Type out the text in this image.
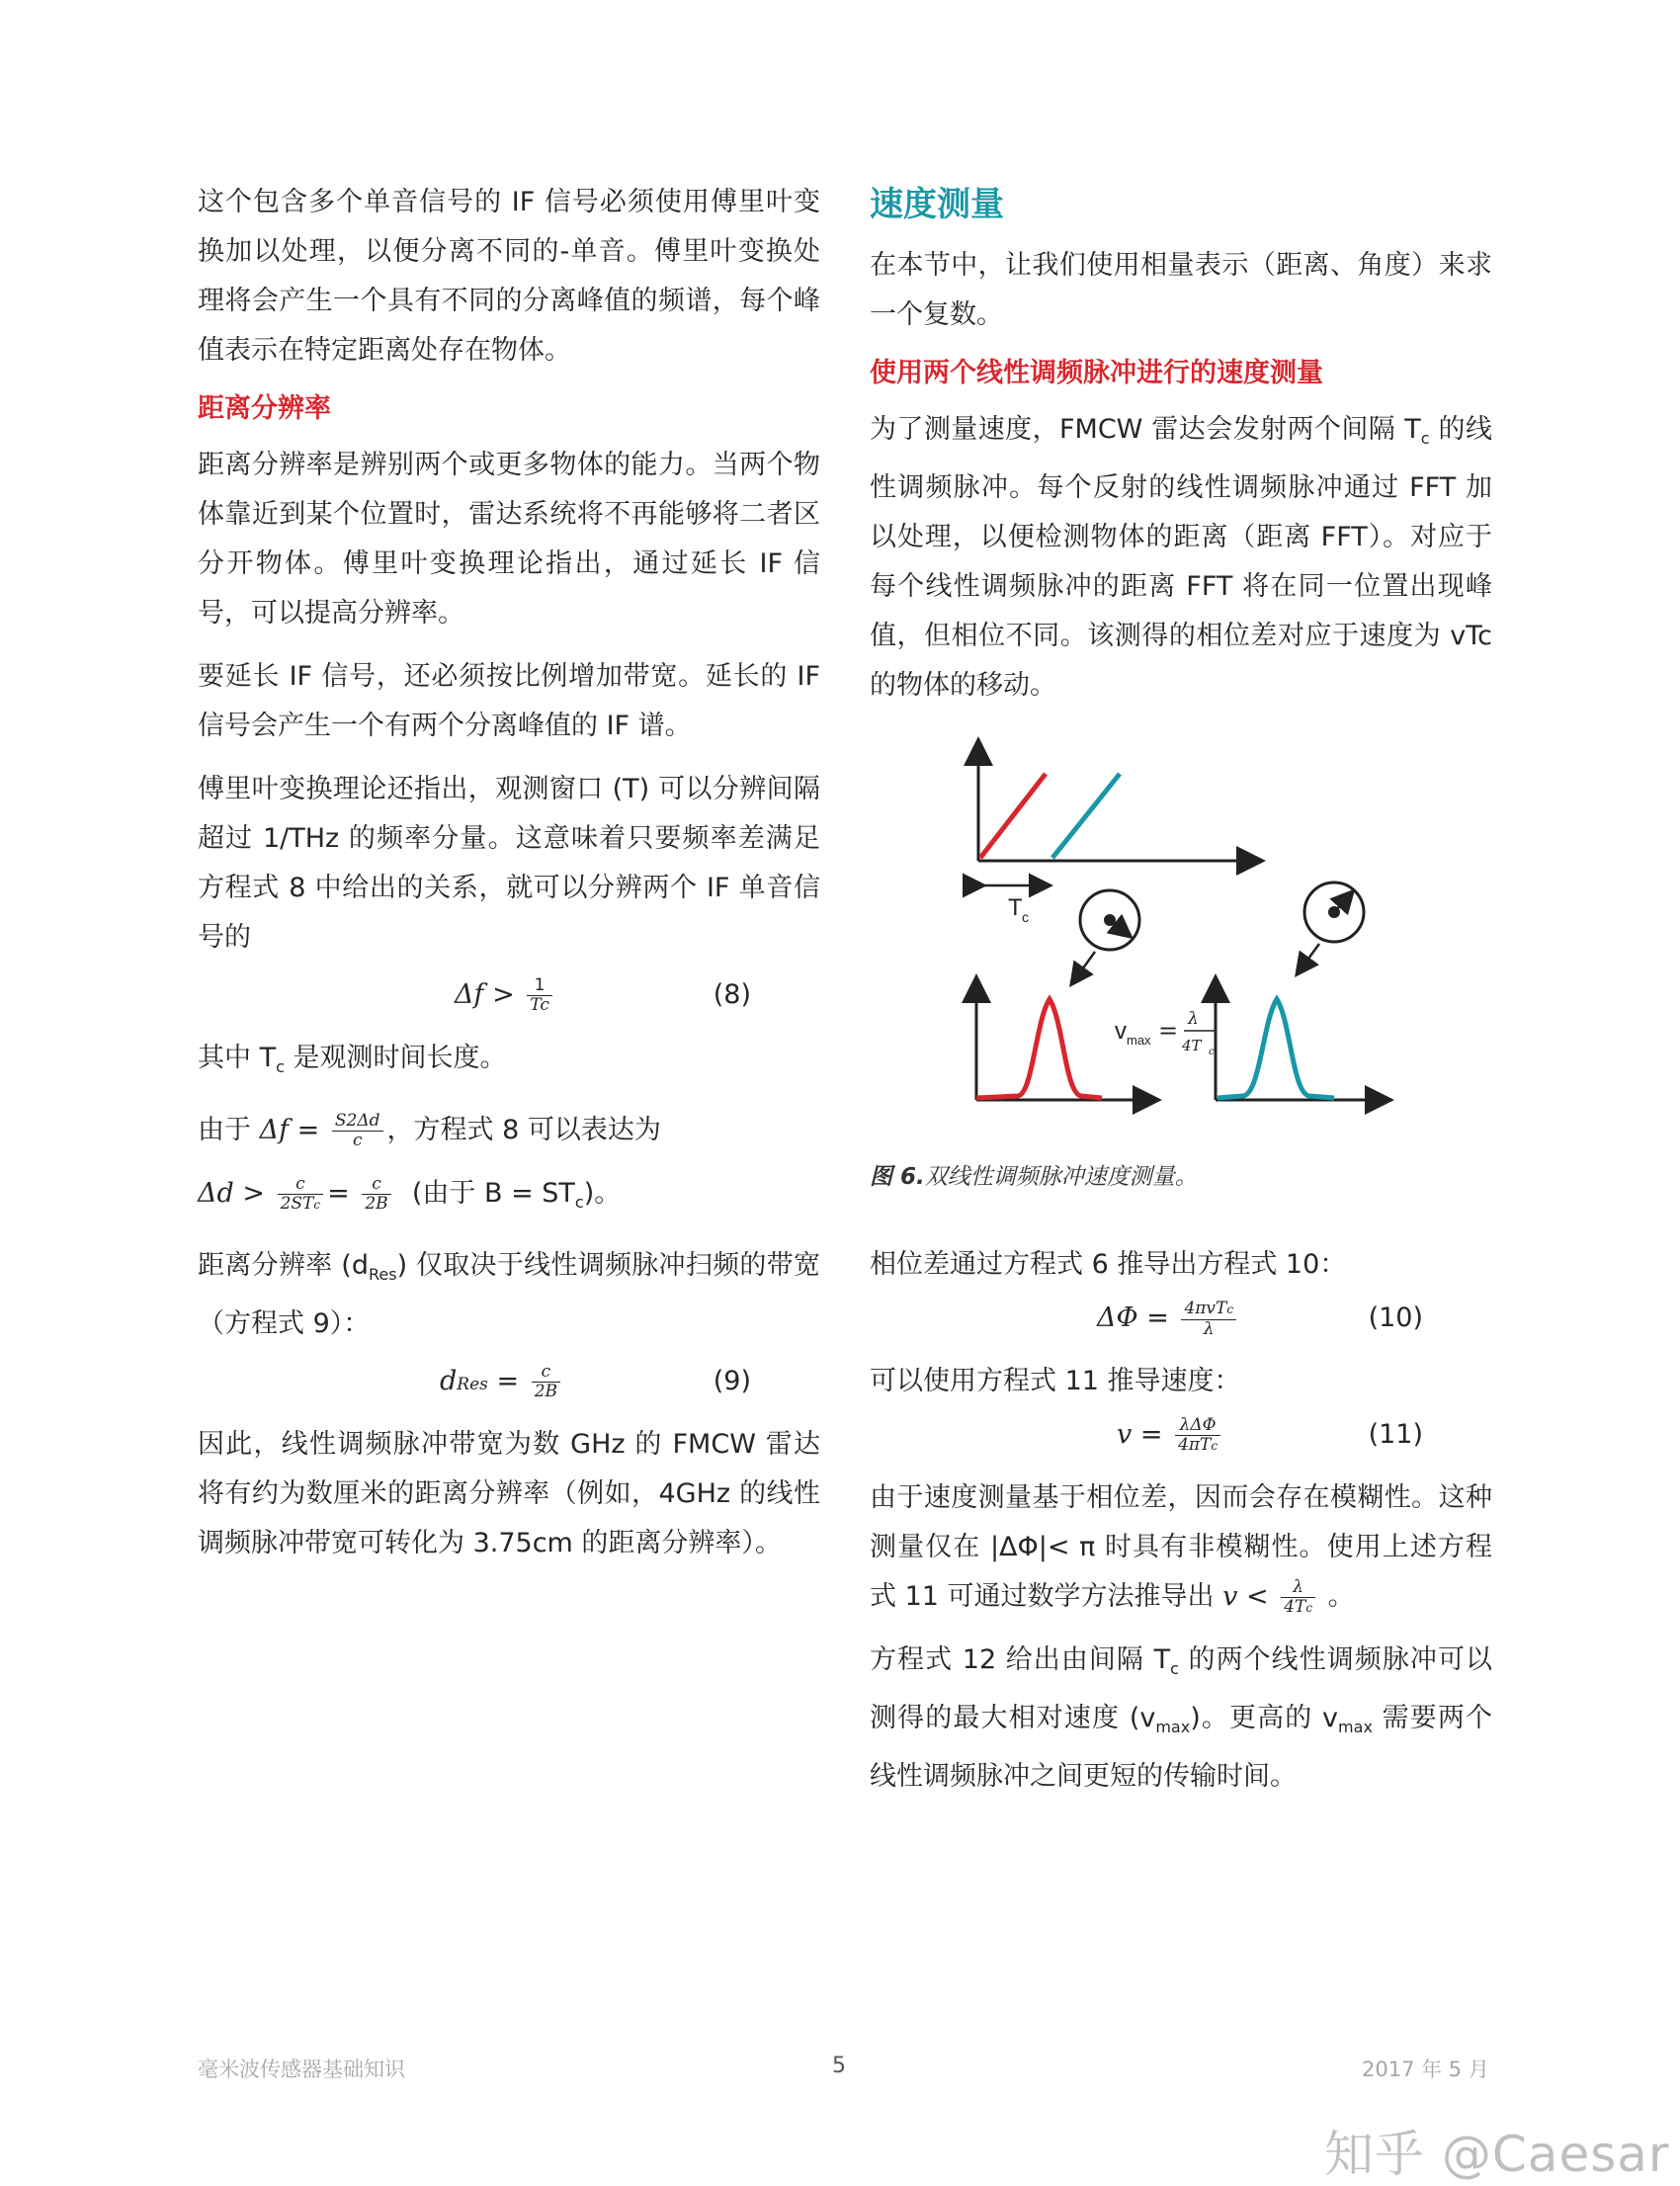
这个包含多个单音信号的 IF 信号必须使用傅里叶变换加以处理，以便分离不同的-单音。傅里叶变换处理将会产生一个具有不同的分离峰值的频谱，每个峰值表示在特定距离处存在物体。

距离分辨率

距离分辨率是辨别两个或更多物体的能力。当两个物体靠近到某个位置时，雷达系统将不再能够将二者区分开物体。傅里叶变换理论指出，通过延长 IF 信号，可以提高分辨率。

要延长 IF 信号，还必须按比例增加带宽。延长的 IF 信号会产生一个有两个分离峰值的 IF 谱。

傅里叶变换理论还指出，观测窗口 (T) 可以分辨间隔超过 1/THz 的频率分量。这意味着只要频率差满足方程式 8 中给出的关系，就可以分辨两个 IF 单音信号的

$\Delta f > \frac{1}{Tc}$	(8)

其中 $T_c$ 是观测时间长度。

由于 $\Delta f = \frac{S2\Delta d}{c}$ ，方程式 8 可以表达为

$\Delta d > \frac{c}{\text{2STc}} = \frac{c}{2B}$ (由于 $B = ST_c$)。

距离分辨率 $(d_{Res})$ 仅取决于线性调频脉冲扫频的带宽（方程式 9）：

dRes = $\frac{c}{2B}$	(9)

因此，线性调频脉冲带宽为数 GHz 的 FMCW 雷达将有约为数厘米的距离分辨率（例如，4GHz 的线性调频脉冲带宽可转化为 3.75cm 的距离分辨率）。

速度测量

在本节中，让我们使用相量表示（距离、角度）来求一个复数。

使用两个线性调频脉冲进行的速度测量

为了测量速度，FMCW 雷达会发射两个间隔 $T_c$ 的线性调频脉冲。每个反射的线性调频脉冲通过 FFT 加以处理，以便检测物体的距离（距离 FFT）。对应于每个线性调频脉冲的距离 FFT 将在同一位置出现峰值，但相位不同。该测得的相位差对应于速度为 vTc 的物体的移动。

T c
v max = λ
4T c

图 6.双线性调频脉冲速度测量。

相位差通过方程式 6 推导出方程式 10：

$\Delta\Phi = \frac{\text{4πvTc}}{\lambda}$	(10)

可以使用方程式 11 推导速度：

$v = \frac{\text{λΔΦ}}{\text{4πTc}}$	(11)

由于速度测量基于相位差，因而会存在模糊性。这种测量仅在 |ΔΦ|< π 时具有非模糊性。使用上述方程式 11 可通过数学方法推导出 $v < \frac{\lambda}{4Tc}$ 。

方程式 12 给出由间隔 $T_c$ 的两个线性调频脉冲可以测得的最大相对速度 $(v_{max})$。更高的 $v_{max}$ 需要两个线性调频脉冲之间更短的传输时间。

毫米波传感器基础知识	5	2017 年 5 月
知乎 @Caesar
